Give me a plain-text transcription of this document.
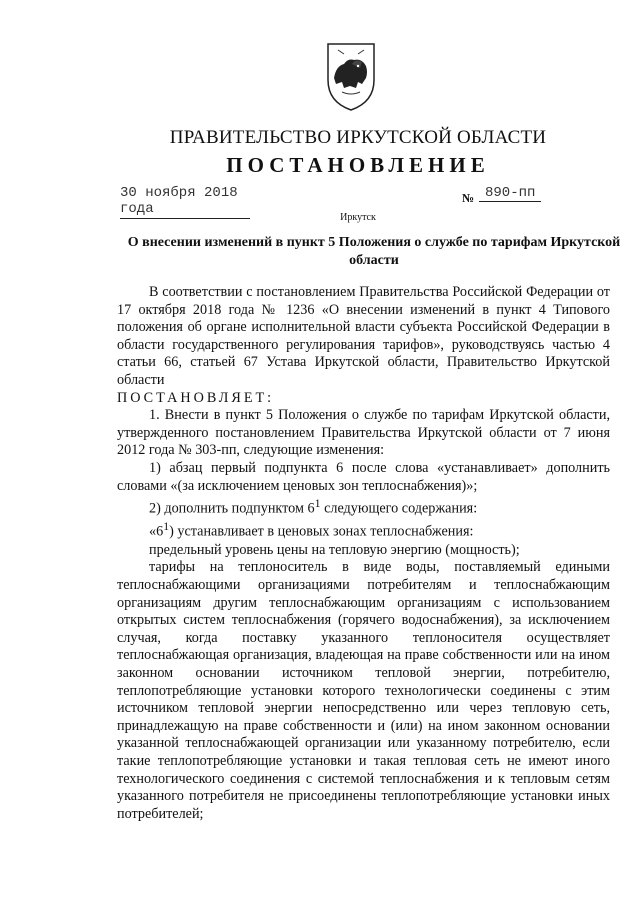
ПРАВИТЕЛЬСТВО ИРКУТСКОЙ ОБЛАСТИ
ПОСТАНОВЛЕНИЕ
30 ноября 2018 года
№ 890-пп
Иркутск
О внесении изменений в пункт 5 Положения о службе по тарифам Иркутской области

В соответствии с постановлением Правительства Российской Федерации от 17 октября 2018 года № 1236 «О внесении изменений в пункт 4 Типового положения об органе исполнительной власти субъекта Российской Федерации в области государственного регулирования тарифов», руководствуясь частью 4 статьи 66, статьей 67 Устава Иркутской области, Правительство Иркутской области

ПОСТАНОВЛЯЕТ:

1. Внести в пункт 5 Положения о службе по тарифам Иркутской области, утвержденного постановлением Правительства Иркутской области от 7 июня 2012 года № 303-пп, следующие изменения:

1) абзац первый подпункта 6 после слова «устанавливает» дополнить словами «(за исключением ценовых зон теплоснабжения)»;

2) дополнить подпунктом $6^1$ следующего содержания:

«$6^1$) устанавливает в ценовых зонах теплоснабжения:

предельный уровень цены на тепловую энергию (мощность);

тарифы на теплоноситель в виде воды, поставляемый едиными теплоснабжающими организациями потребителям и теплоснабжающим организациям другим теплоснабжающим организациям с использованием открытых систем теплоснабжения (горячего водоснабжения), за исключением случая, когда поставку указанного теплоносителя осуществляет теплоснабжающая организация, владеющая на праве собственности или на ином законном основании источником тепловой энергии, потребителю, теплопотребляющие установки которого технологически соединены с этим источником тепловой энергии непосредственно или через тепловую сеть, принадлежащую на праве собственности и (или) на ином законном основании указанной теплоснабжающей организации или указанному потребителю, если такие теплопотребляющие установки и такая тепловая сеть не имеют иного технологического соединения с системой теплоснабжения и к тепловым сетям указанного потребителя не присоединены теплопотребляющие установки иных потребителей;
